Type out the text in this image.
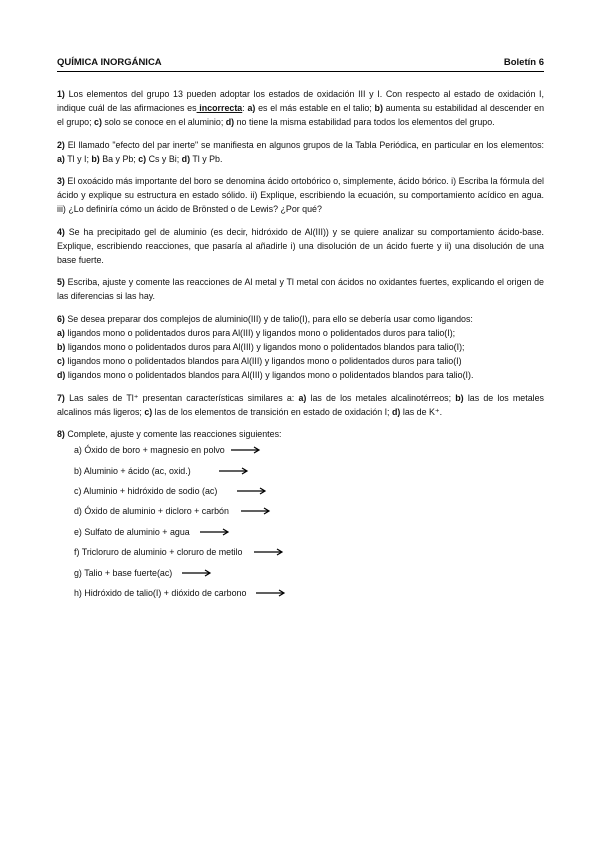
QUÍMICA INORGÁNICA	Boletín 6

1) Los elementos del grupo 13 pueden adoptar los estados de oxidación III y I. Con respecto al estado de oxidación I, indique cuál de las afirmaciones es incorrecta: a) es el más estable en el talio; b) aumenta su estabilidad al descender en el grupo; c) solo se conoce en el aluminio; d) no tiene la misma estabilidad para todos los elementos del grupo.

2) El llamado "efecto del par inerte" se manifiesta en algunos grupos de la Tabla Periódica, en particular en los elementos: a) Tl y I; b) Ba y Pb; c) Cs y Bi; d) Tl y Pb.

3) El oxoácido más importante del boro se denomina ácido ortobórico o, simplemente, ácido bórico. i) Escriba la fórmula del ácido y explique su estructura en estado sólido. ii) Explique, escribiendo la ecuación, su comportamiento acídico en agua. iii) ¿Lo definiría cómo un ácido de Brönsted o de Lewis? ¿Por qué?

4) Se ha precipitado gel de aluminio (es decir, hidróxido de Al(III)) y se quiere analizar su comportamiento ácido-base. Explique, escribiendo reacciones, que pasaría al añadirle i) una disolución de un ácido fuerte y ii) una disolución de una base fuerte.

5) Escriba, ajuste y comente las reacciones de Al metal y Tl metal con ácidos no oxidantes fuertes, explicando el origen de las diferencias si las hay.

6) Se desea preparar dos complejos de aluminio(III) y de talio(I), para ello se debería usar como ligandos:
a) ligandos mono o polidentados duros para Al(III) y ligandos mono o polidentados duros para talio(I);
b) ligandos mono o polidentados duros para Al(III) y ligandos mono o polidentados blandos para talio(I);
c) ligandos mono o polidentados blandos para Al(III) y ligandos mono o polidentados duros para talio(I)
d) ligandos mono o polidentados blandos para Al(III) y ligandos mono o polidentados blandos para talio(I).

7) Las sales de Tl⁺ presentan características similares a: a) las de los metales alcalinotérreos; b) las de los metales alcalinos más ligeros; c) las de los elementos de transición en estado de oxidación I; d) las de K⁺.

8) Complete, ajuste y comente las reacciones siguientes:
a) Óxido de boro + magnesio en polvo
b) Aluminio + ácido (ac, oxid.)
c) Aluminio + hidróxido de sodio (ac)
d) Óxido de aluminio + dicloro + carbón
e) Sulfato de aluminio + agua
f) Tricloruro de aluminio + cloruro de metilo
g) Talio + base fuerte(ac)
h) Hidróxido de talio(I) + dióxido de carbono
